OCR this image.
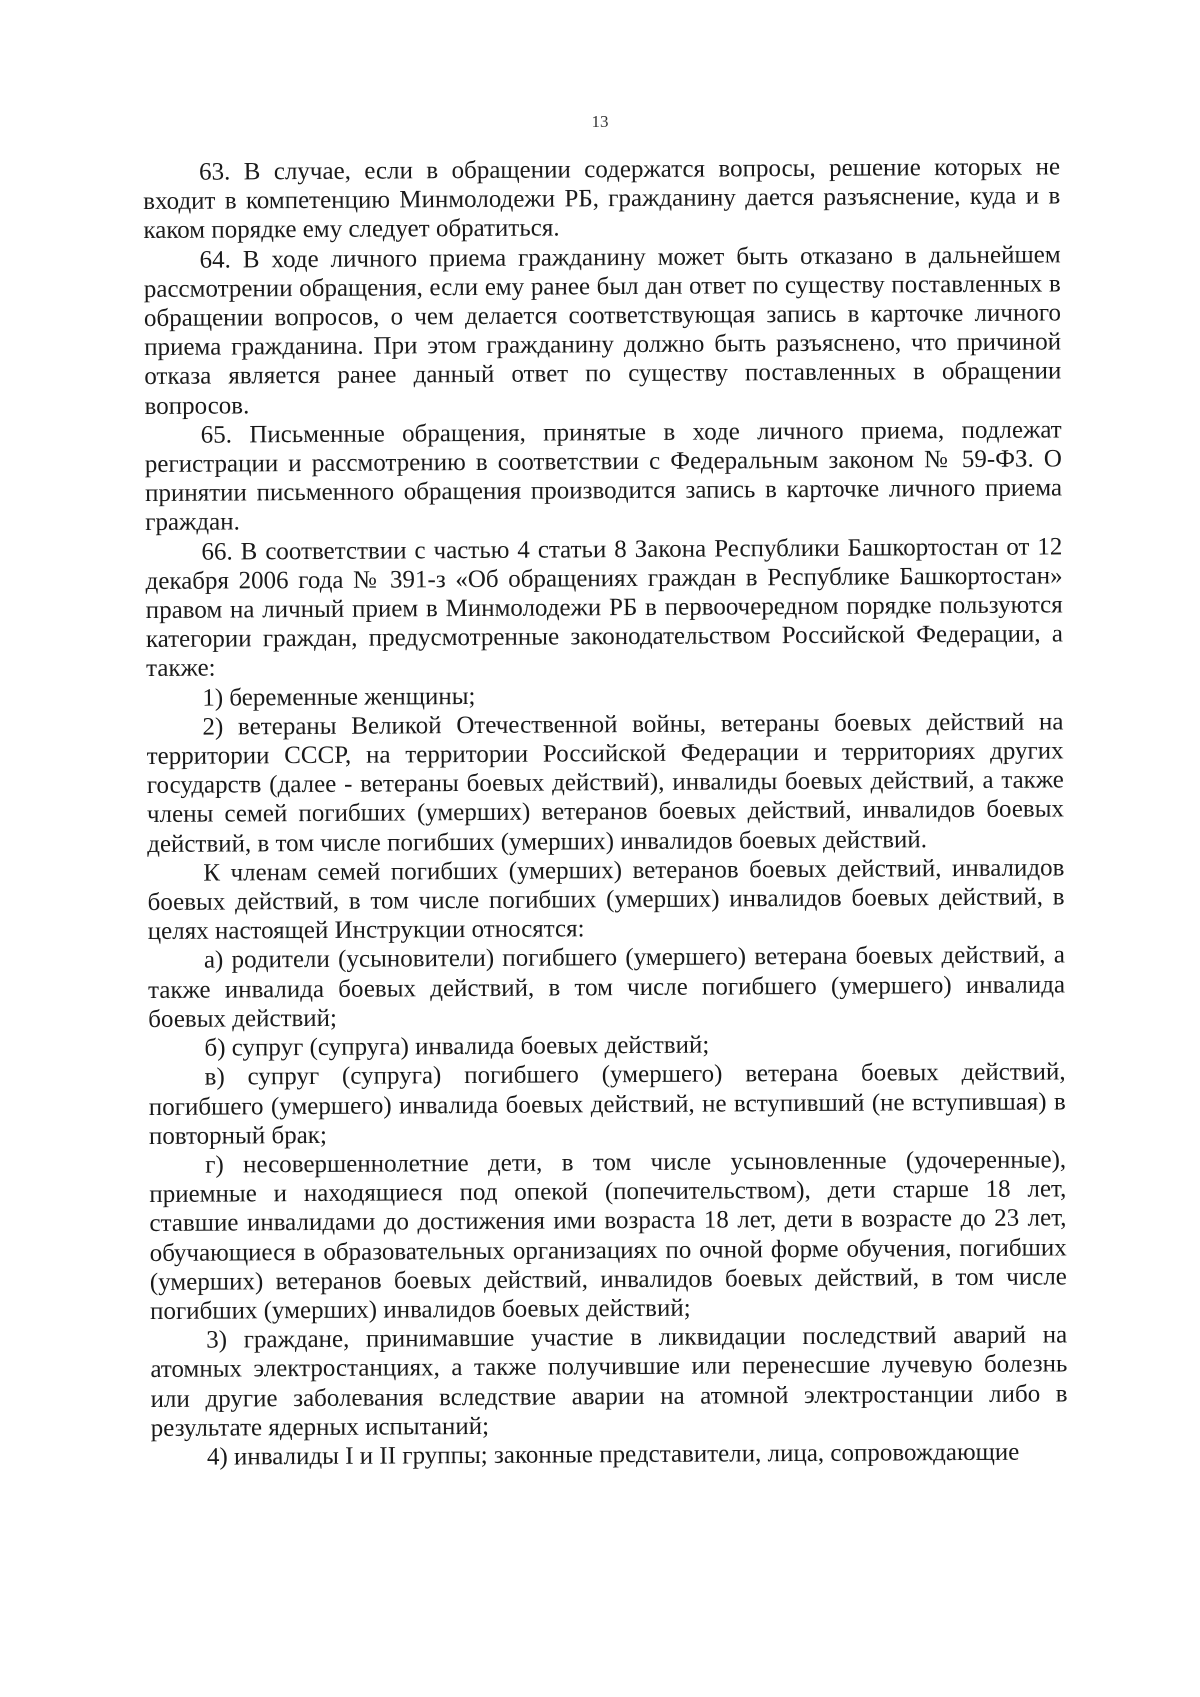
13

63. В случае, если в обращении содержатся вопросы, решение которых не входит в компетенцию Минмолодежи РБ, гражданину дается разъяснение, куда и в каком порядке ему следует обратиться.

64. В ходе личного приема гражданину может быть отказано в дальнейшем рассмотрении обращения, если ему ранее был дан ответ по существу поставленных в обращении вопросов, о чем делается соответствующая запись в карточке личного приема гражданина. При этом гражданину должно быть разъяснено, что причиной отказа является ранее данный ответ по существу поставленных в обращении вопросов.

65. Письменные обращения, принятые в ходе личного приема, подлежат регистрации и рассмотрению в соответствии с Федеральным законом № 59-ФЗ. О принятии письменного обращения производится запись в карточке личного приема граждан.

66. В соответствии с частью 4 статьи 8 Закона Республики Башкортостан от 12 декабря 2006 года № 391-з «Об обращениях граждан в Республике Башкортостан» правом на личный прием в Минмолодежи РБ в первоочередном порядке пользуются категории граждан, предусмотренные законодательством Российской Федерации, а также:

1) беременные женщины;

2) ветераны Великой Отечественной войны, ветераны боевых действий на территории СССР, на территории Российской Федерации и территориях других государств (далее - ветераны боевых действий), инвалиды боевых действий, а также члены семей погибших (умерших) ветеранов боевых действий, инвалидов боевых действий, в том числе погибших (умерших) инвалидов боевых действий.

К членам семей погибших (умерших) ветеранов боевых действий, инвалидов боевых действий, в том числе погибших (умерших) инвалидов боевых действий, в целях настоящей Инструкции относятся:

а) родители (усыновители) погибшего (умершего) ветерана боевых действий, а также инвалида боевых действий, в том числе погибшего (умершего) инвалида боевых действий;

б) супруг (супруга) инвалида боевых действий;

в) супруг (супруга) погибшего (умершего) ветерана боевых действий, погибшего (умершего) инвалида боевых действий, не вступивший (не вступившая) в повторный брак;

г) несовершеннолетние дети, в том числе усыновленные (удочеренные), приемные и находящиеся под опекой (попечительством), дети старше 18 лет, ставшие инвалидами до достижения ими возраста 18 лет, дети в возрасте до 23 лет, обучающиеся в образовательных организациях по очной форме обучения, погибших (умерших) ветеранов боевых действий, инвалидов боевых действий, в том числе погибших (умерших) инвалидов боевых действий;

3) граждане, принимавшие участие в ликвидации последствий аварий на атомных электростанциях, а также получившие или перенесшие лучевую болезнь или другие заболевания вследствие аварии на атомной электростанции либо в результате ядерных испытаний;

4) инвалиды I и II группы; законные представители, лица, сопровождающие
